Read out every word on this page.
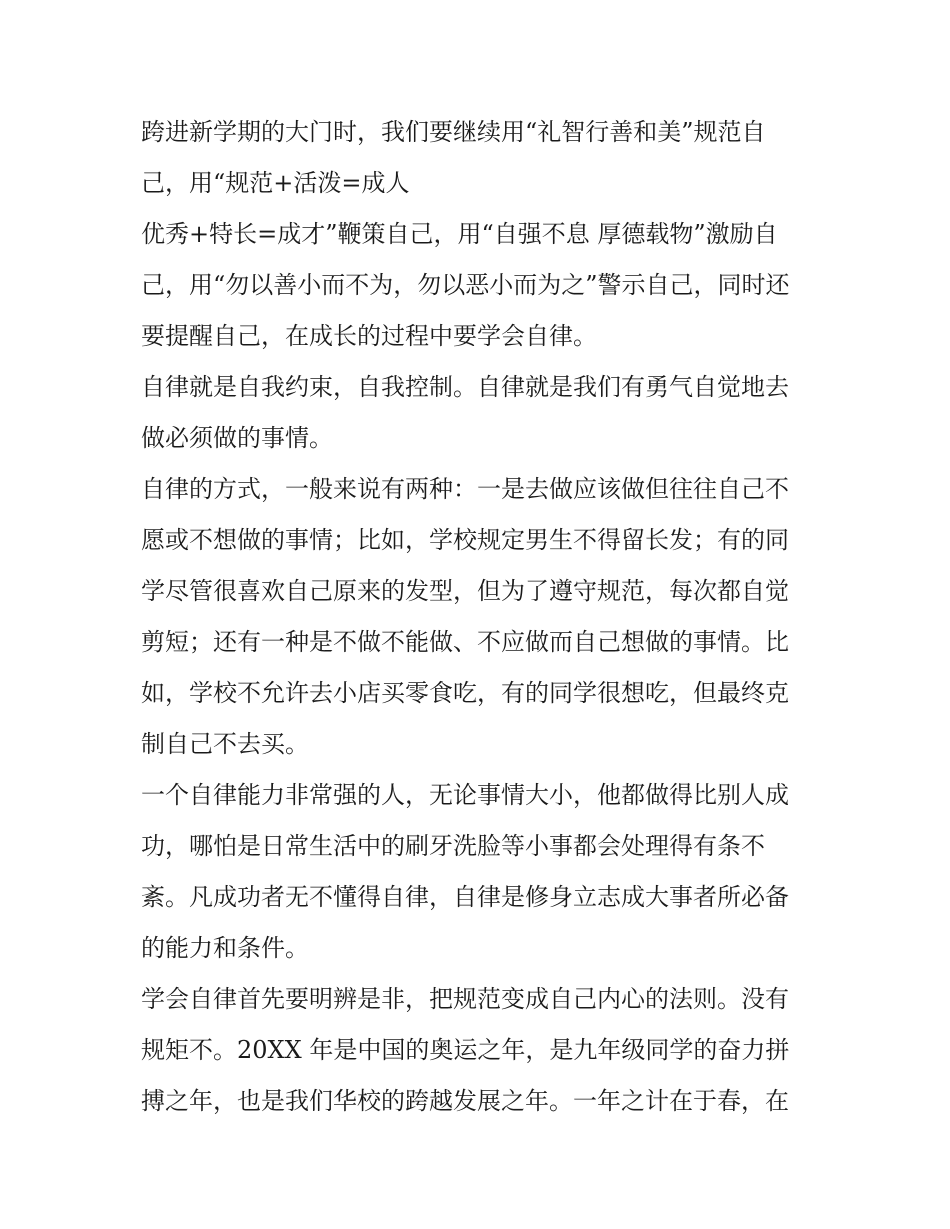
跨进新学期的大门时，我们要继续用“礼智行善和美”规范自
己，用“规范+活泼=成人
优秀+特长=成才”鞭策自己，用“自强不息 厚德载物”激励自
己，用“勿以善小而不为，勿以恶小而为之”警示自己，同时还
要提醒自己，在成长的过程中要学会自律。
自律就是自我约束，自我控制。自律就是我们有勇气自觉地去
做必须做的事情。
自律的方式，一般来说有两种：一是去做应该做但往往自己不
愿或不想做的事情；比如，学校规定男生不得留长发；有的同
学尽管很喜欢自己原来的发型，但为了遵守规范，每次都自觉
剪短；还有一种是不做不能做、不应做而自己想做的事情。比
如，学校不允许去小店买零食吃，有的同学很想吃，但最终克
制自己不去买。
一个自律能力非常强的人，无论事情大小，他都做得比别人成
功，哪怕是日常生活中的刷牙洗脸等小事都会处理得有条不
紊。凡成功者无不懂得自律，自律是修身立志成大事者所必备
的能力和条件。
学会自律首先要明辨是非，把规范变成自己内心的法则。没有
规矩不。20XX 年是中国的奥运之年，是九年级同学的奋力拼
搏之年，也是我们华校的跨越发展之年。一年之计在于春，在
